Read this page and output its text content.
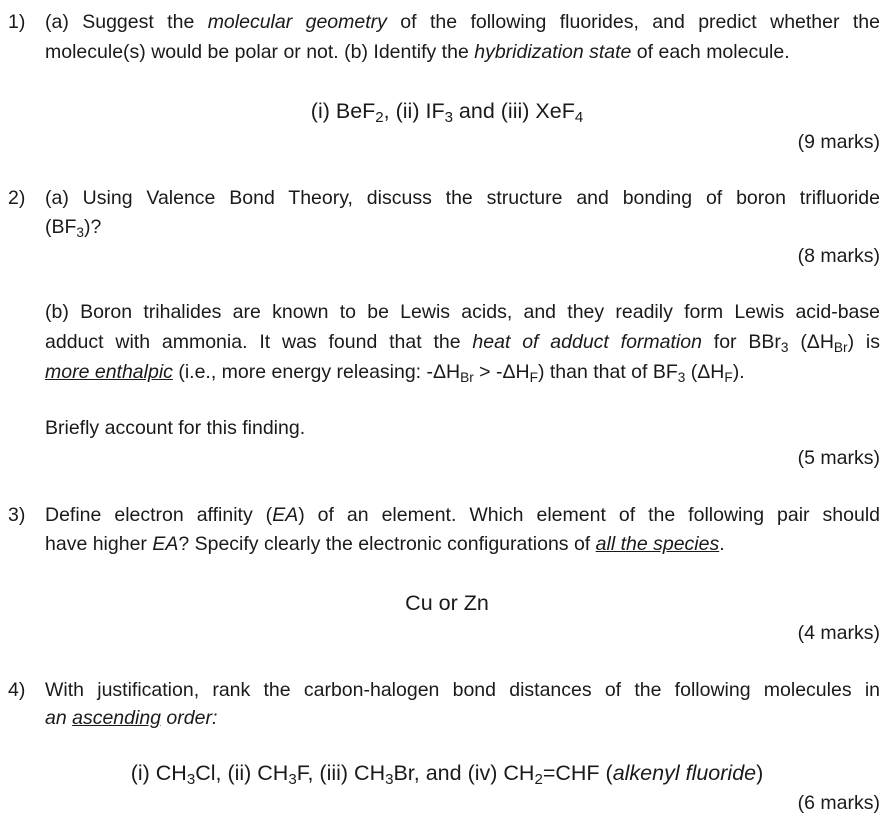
1) (a) Suggest the molecular geometry of the following fluorides, and predict whether the
molecule(s) would be polar or not. (b) Identify the hybridization state of each molecule.
(i) BeF$_2$, (ii) $IF_3$ and (iii) XeF$_4$
(9 marks)
2) (a) Using Valence Bond Theory, discuss the structure and bonding of boron trifluoride
$(BF_3)$?
(8 marks)
(b) Boron trihalides are known to be Lewis acids, and they readily form Lewis acid-base
adduct with ammonia. It was found that the heat of adduct formation for BBr$_3$ $(\Delta H_{Br})$ is
more enthalpic (i.e., more energy releasing: $-\Delta H_{Br} > -\Delta H_F$) than that of $BF_3$ $(\Delta H_F)$.
Briefly account for this finding.
(5 marks)
3) Define electron affinity (EA) of an element. Which element of the following pair should
have higher EA? Specify clearly the electronic configurations of all the species.
Cu or Zn
(4 marks)
4) With justification, rank the carbon-halogen bond distances of the following molecules in
an ascending order:
(i) $CH_3Cl$, (ii) $CH_3F$, (iii) $CH_3Br$, and (iv) $CH_2=CHF$ (alkenyl fluoride)
(6 marks)
